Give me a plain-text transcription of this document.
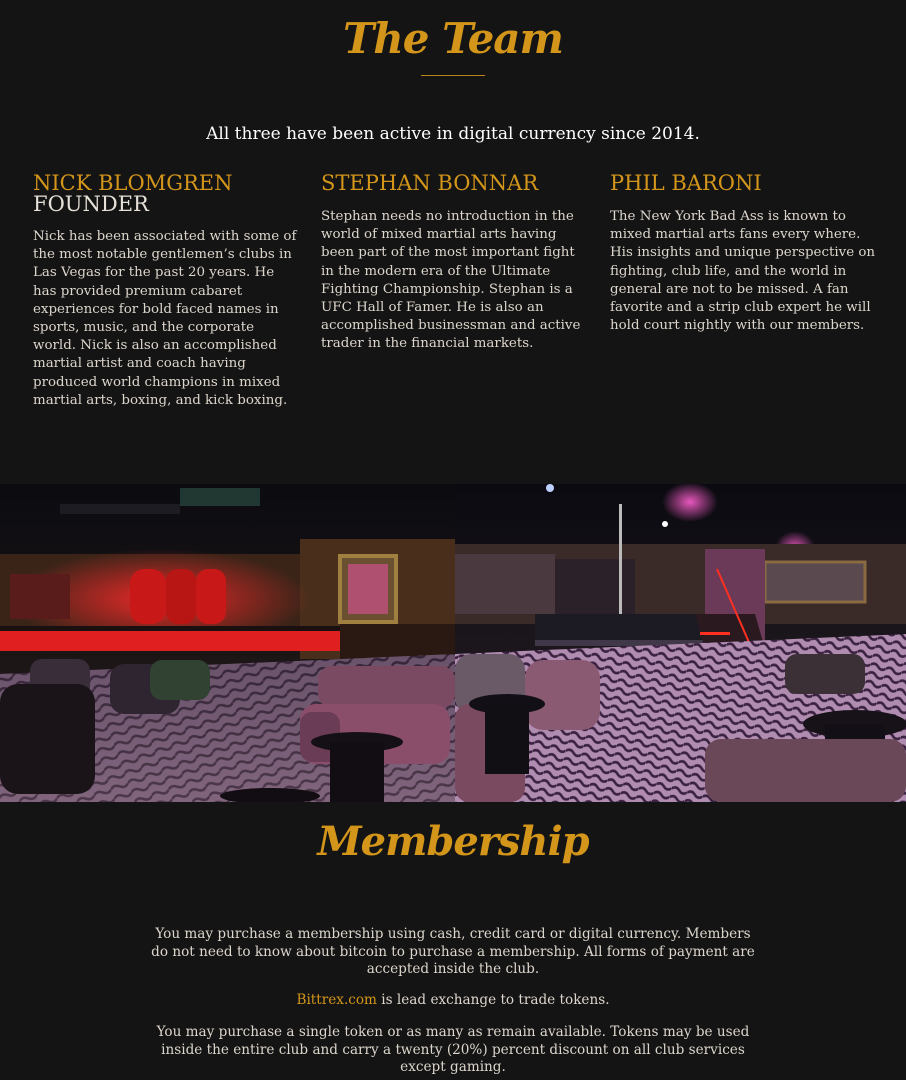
The Team
All three have been active in digital currency since 2014.
NICK BLOMGREN
FOUNDER

Nick has been associated with some of the most notable gentlemen’s clubs in Las Vegas for the past 20 years. He has provided premium cabaret experiences for bold faced names in sports, music, and the corporate world. Nick is also an accomplished martial artist and coach having produced world champions in mixed martial arts, boxing, and kick boxing.

STEPHAN BONNAR

Stephan needs no introduction in the world of mixed martial arts having been part of the most important fight in the modern era of the Ultimate Fighting Championship. Stephan is a UFC Hall of Famer. He is also an accomplished businessman and active trader in the financial markets.

PHIL BARONI

The New York Bad Ass is known to mixed martial arts fans every where. His insights and unique perspective on fighting, club life, and the world in general are not to be missed. A fan favorite and a strip club expert he will hold court nightly with our members.

Membership

You may purchase a membership using cash, credit card or digital currency. Members do not need to know about bitcoin to purchase a membership. All forms of payment are accepted inside the club.

Bittrex.com is lead exchange to trade tokens.

You may purchase a single token or as many as remain available. Tokens may be used inside the entire club and carry a twenty (20%) percent discount on all club services except gaming.
